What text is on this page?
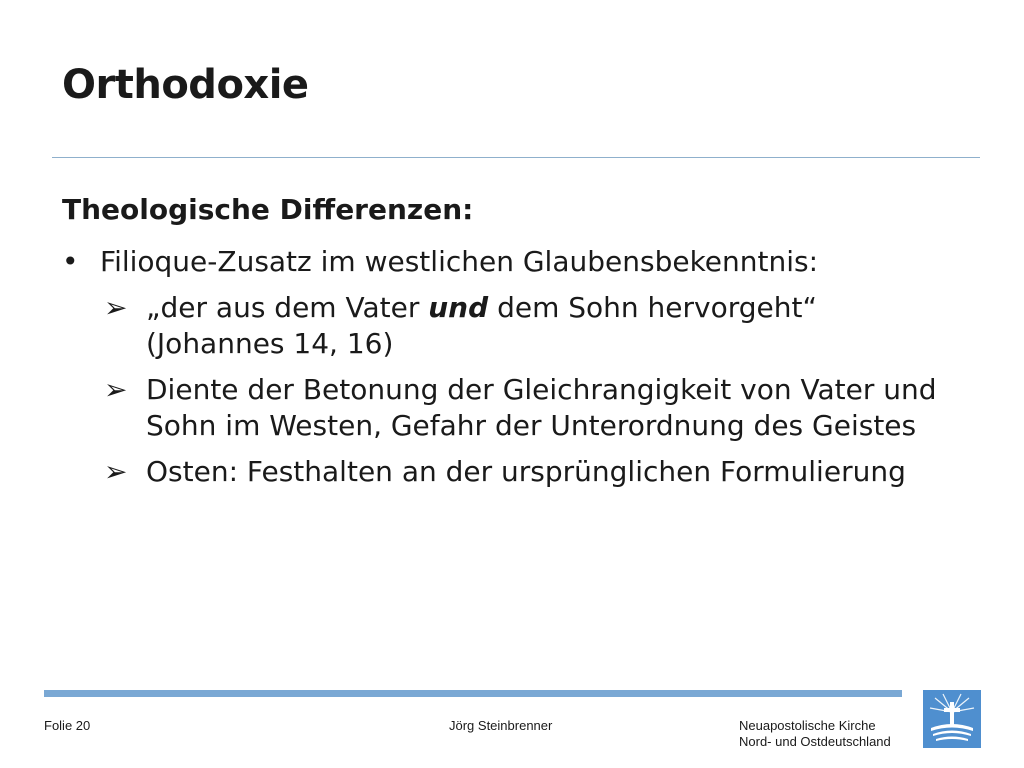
Orthodoxie

Theologische Differenzen:

• Filioque-Zusatz im westlichen Glaubensbekenntnis:

➢ „der aus dem Vater und dem Sohn hervorgeht“ (Johannes 14, 16)

➢ Diente der Betonung der Gleichrangigkeit von Vater und Sohn im Westen, Gefahr der Unterordnung des Geistes

➢ Osten: Festhalten an der ursprünglichen Formulierung

Folie 20	Jörg Steinbrenner	Neuapostolische Kirche
Nord- und Ostdeutschland
